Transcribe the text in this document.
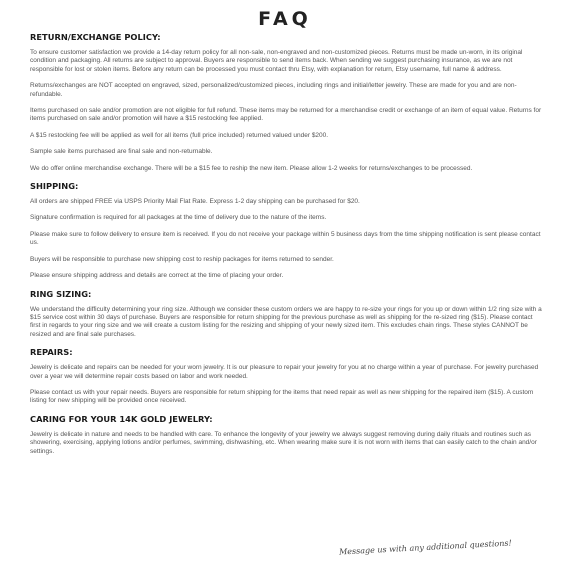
FAQ
RETURN/EXCHANGE POLICY:

To ensure customer satisfaction we provide a 14-day return policy for all non-sale, non-engraved and non-customized pieces. Returns must be made un-worn, in its original condition and packaging. All returns are subject to approval. Buyers are responsible to send items back. When sending we suggest purchasing insurance, as we are not responsible for lost or stolen items. Before any return can be processed you must contact thru Etsy, with explanation for return, Etsy username, full name & address.

Returns/exchanges are NOT accepted on engraved, sized, personalized/customized pieces, including rings and initial/letter jewelry. These are made for you and are non-refundable.

Items purchased on sale and/or promotion are not eligible for full refund. These items may be returned for a merchandise credit or exchange of an item of equal value. Returns for items purchased on sale and/or promotion will have a $15 restocking fee applied.

A $15 restocking fee will be applied as well for all items (full price included) returned valued under $200.

Sample sale items purchased are final sale and non-returnable.

We do offer online merchandise exchange. There will be a $15 fee to reship the new item. Please allow 1-2 weeks for returns/exchanges to be processed.

SHIPPING:

All orders are shipped FREE via USPS Priority Mail Flat Rate. Express 1-2 day shipping can be purchased for $20.

Signature confirmation is required for all packages at the time of delivery due to the nature of the items.

Please make sure to follow delivery to ensure item is received. If you do not receive your package within 5 business days from the time shipping notification is sent please contact us.

Buyers will be responsible to purchase new shipping cost to reship packages for items returned to sender.

Please ensure shipping address and details are correct at the time of placing your order.

RING SIZING:

We understand the difficulty determining your ring size. Although we consider these custom orders we are happy to re-size your rings for you up or down within 1/2 ring size with a $15 service cost within 30 days of purchase. Buyers are responsible for return shipping for the previous purchase as well as shipping for the re-sized ring ($15). Please contact first in regards to your ring size and we will create a custom listing for the resizing and shipping of your newly sized item. This excludes chain rings. These styles CANNOT be resized and are final sale purchases.

REPAIRS:

Jewelry is delicate and repairs can be needed for your worn jewelry. It is our pleasure to repair your jewelry for you at no charge within a year of purchase. For jewelry purchased over a year we will determine repair costs based on labor and work needed.

Please contact us with your repair needs. Buyers are responsible for return shipping for the items that need repair as well as new shipping for the repaired item ($15). A custom listing for new shipping will be provided once received.

CARING FOR YOUR 14K GOLD JEWELRY:

Jewelry is delicate in nature and needs to be handled with care. To enhance the longevity of your jewelry we always suggest removing during daily rituals and routines such as showering, exercising, applying lotions and/or perfumes, swimming, dishwashing, etc. When wearing make sure it is not worn with items that can easily catch to the chain and/or settings.

Message us with any additional questions!
